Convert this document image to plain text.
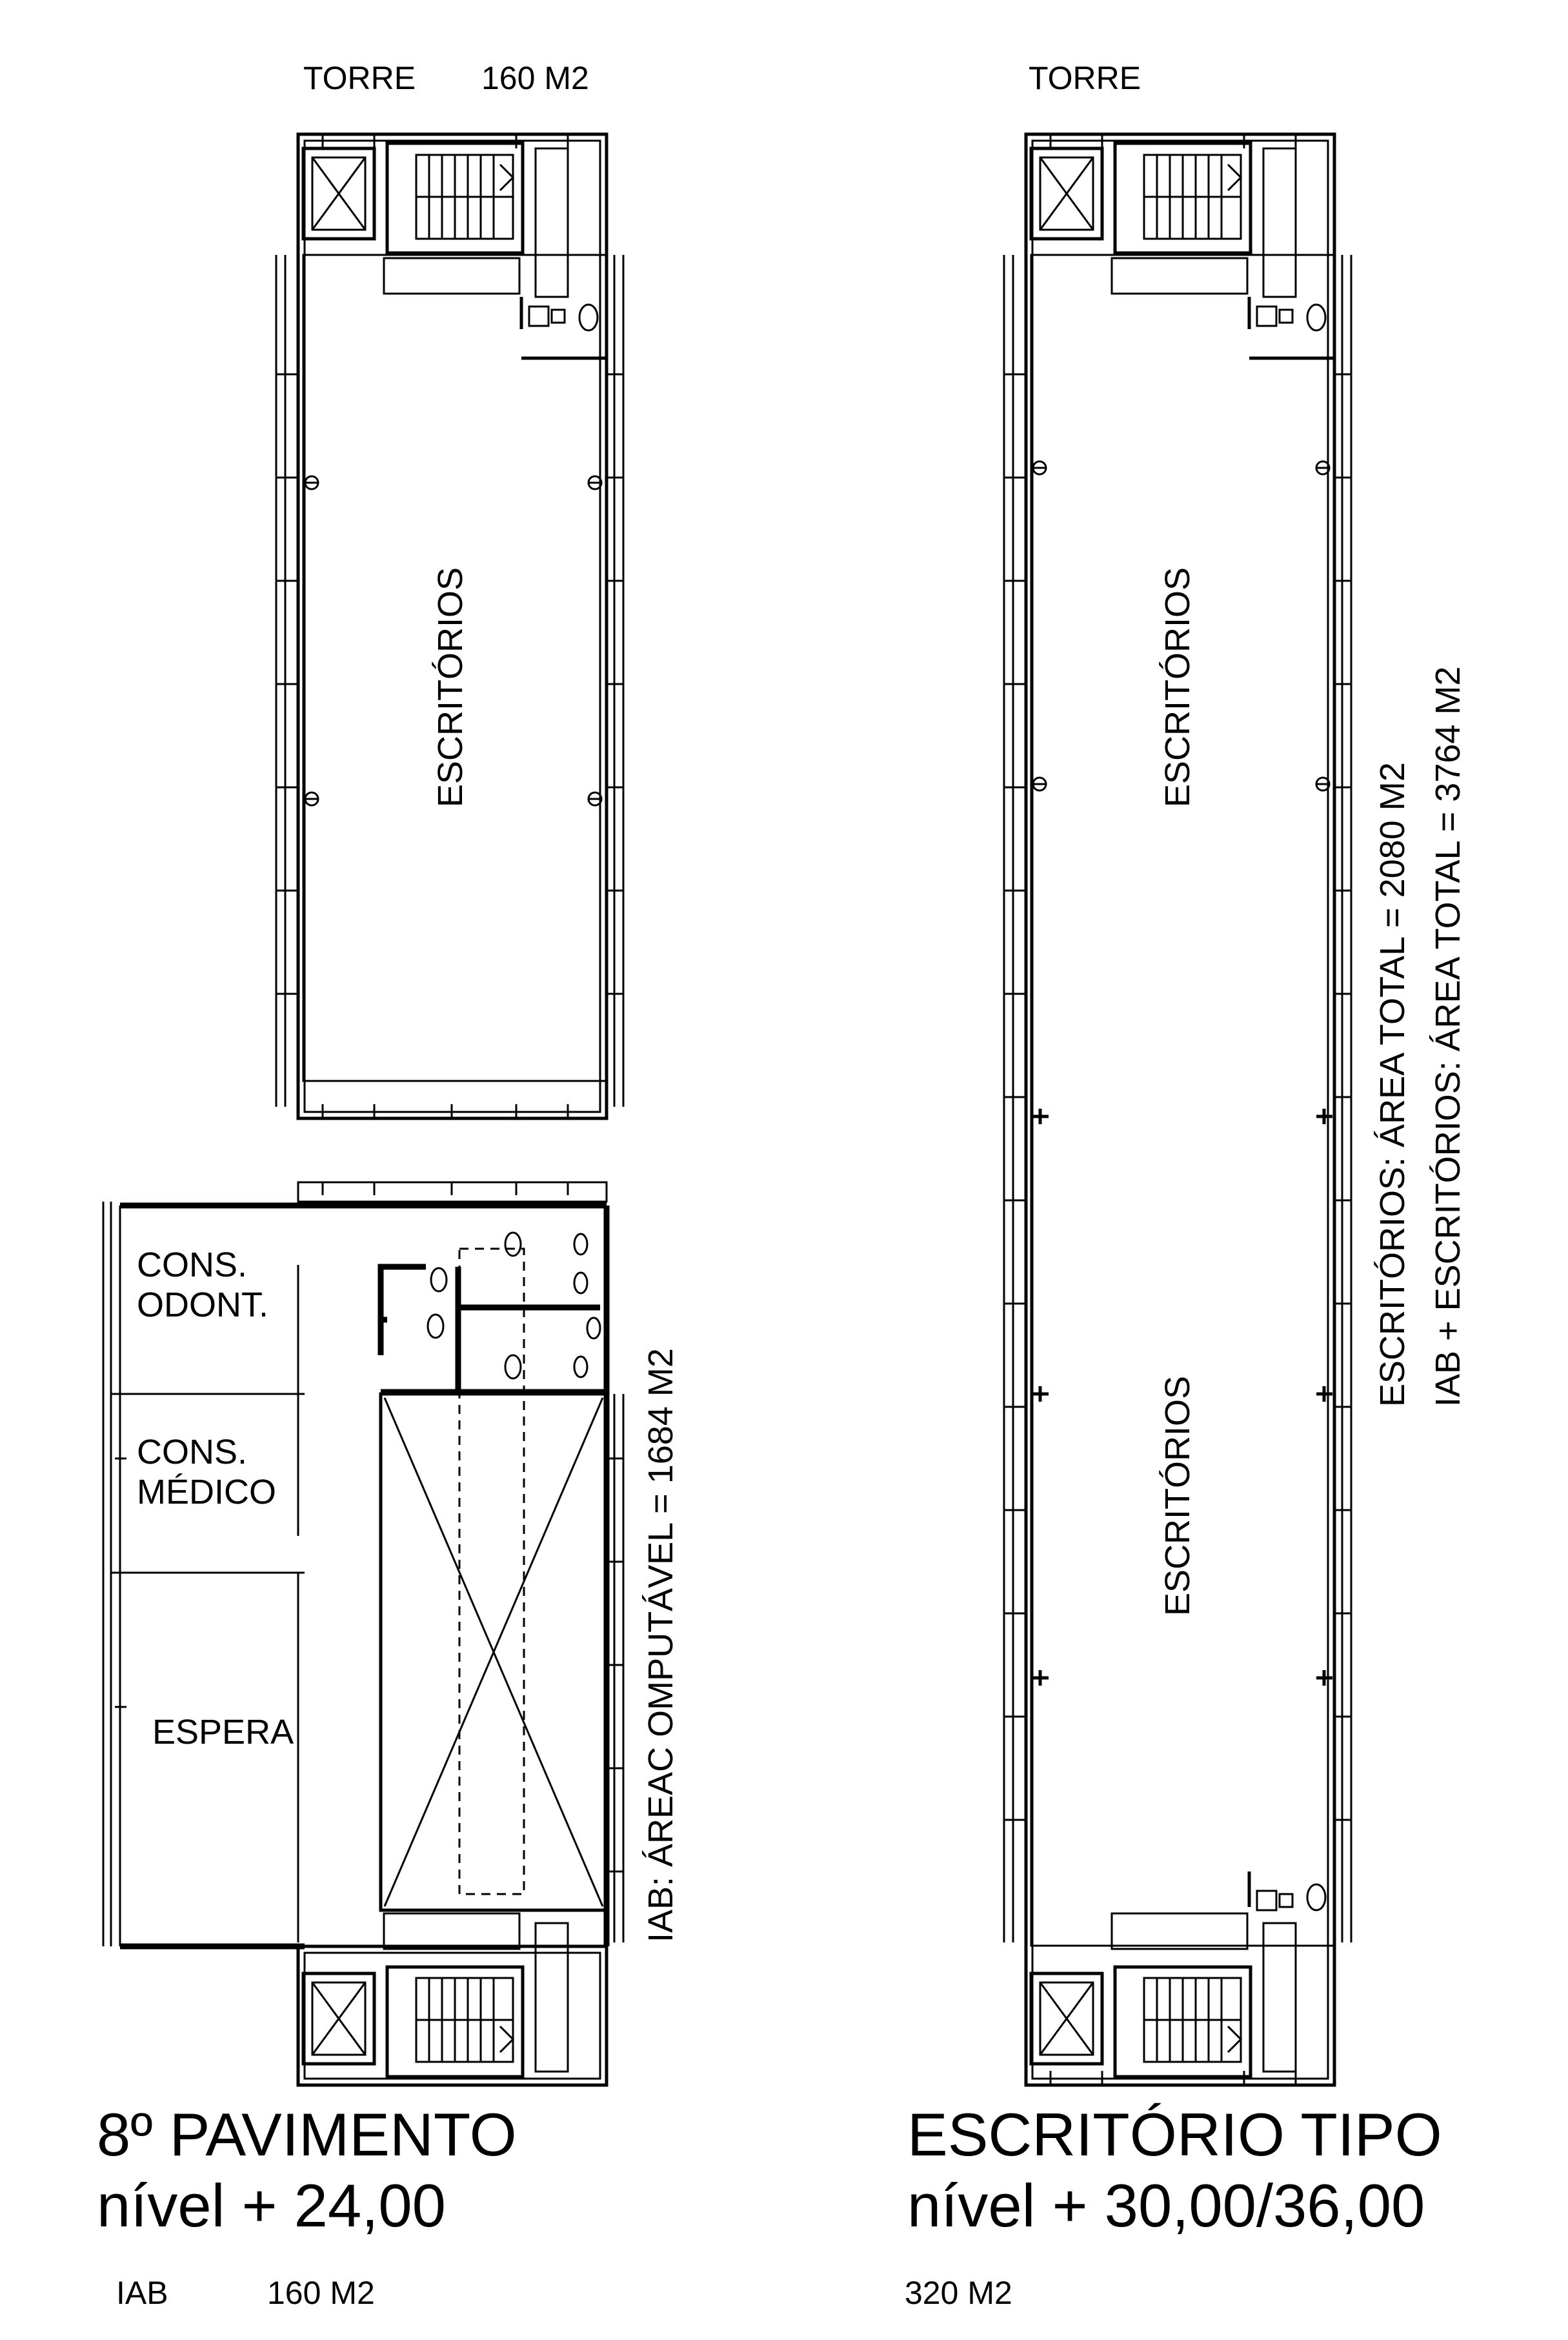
TORRE 160 M2	TORRE
ESCRITÓRIOS
CONS.
ODONT.
CONS.
MÉDICO
ESPERA	IAB: ÁREAC OMPUTÁVEL = 1684 M2
ESCRITÓRIOS
ESCRITÓRIOS
ESCRITÓRIOS: ÁREA TOTAL = 2080 M2 IAB + ESCRITÓRIOS: ÁREA TOTAL = 3764 M2
8º PAVIMENTO
nível + 24,00
ESCRITÓRIO TIPO
nível + 30,00/36,00
IAB	160 M2	320 M2
